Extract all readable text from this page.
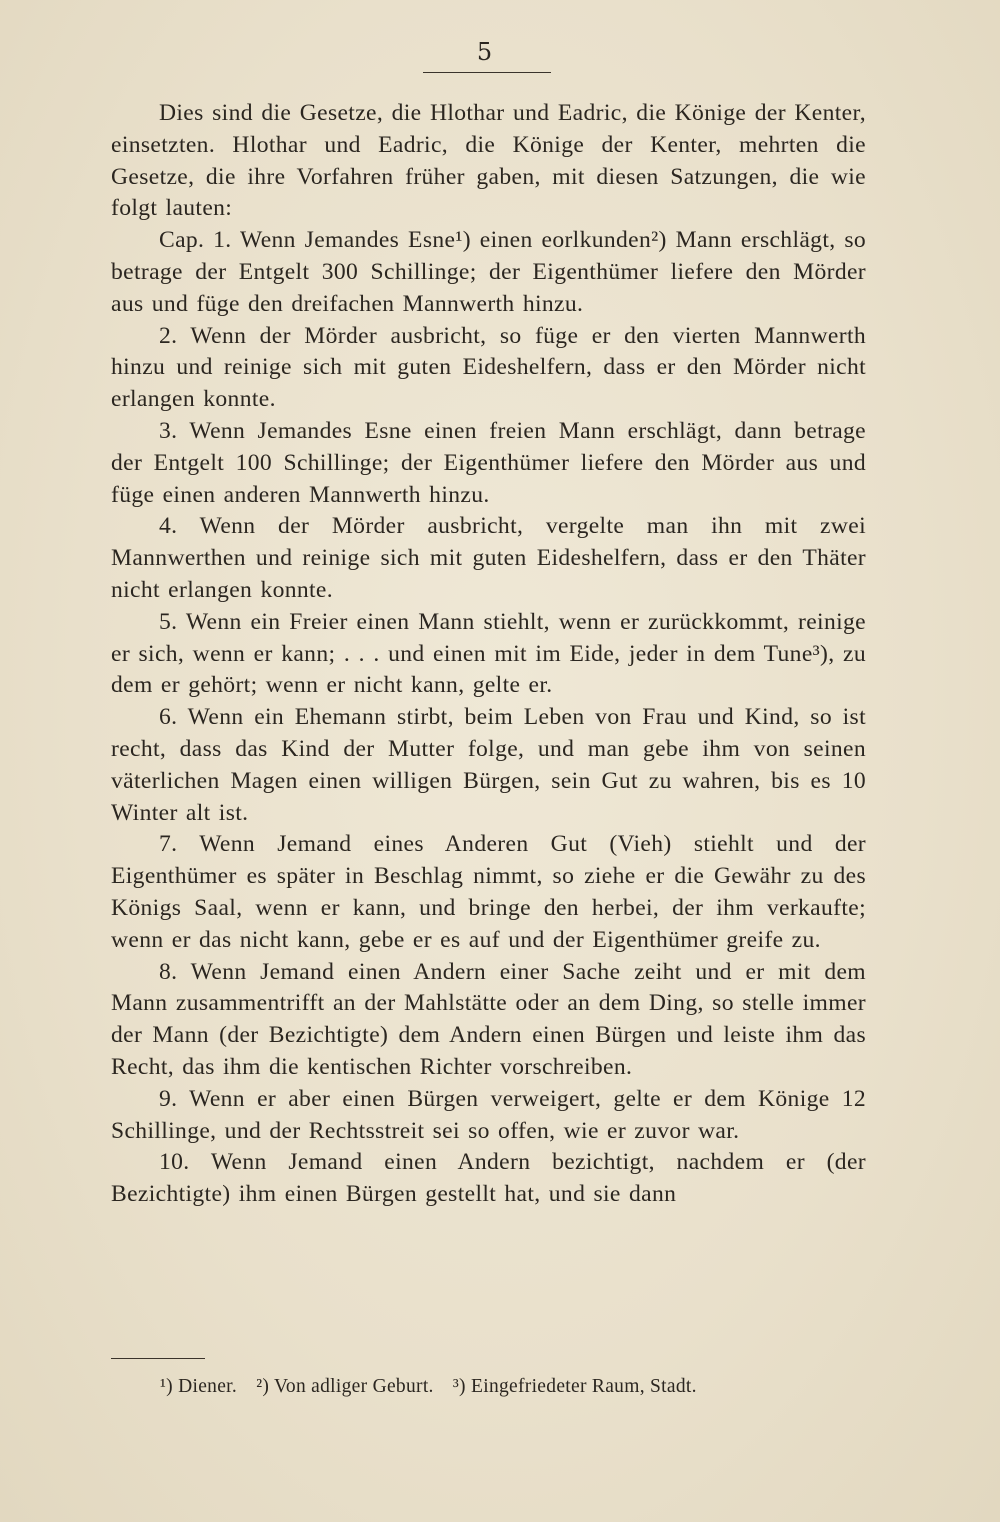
5

Dies sind die Gesetze, die Hlothar und Eadric, die Könige der Kenter, einsetzten. Hlothar und Eadric, die Könige der Kenter, mehrten die Gesetze, die ihre Vorfahren früher gaben, mit diesen Satzungen, die wie folgt lauten:

Cap. 1. Wenn Jemandes Esne¹) einen eorlkunden²) Mann erschlägt, so betrage der Entgelt 300 Schillinge; der Eigenthümer liefere den Mörder aus und füge den dreifachen Mannwerth hinzu.

2. Wenn der Mörder ausbricht, so füge er den vierten Mannwerth hinzu und reinige sich mit guten Eideshelfern, dass er den Mörder nicht erlangen konnte.

3. Wenn Jemandes Esne einen freien Mann erschlägt, dann betrage der Entgelt 100 Schillinge; der Eigenthümer liefere den Mörder aus und füge einen anderen Mannwerth hinzu.

4. Wenn der Mörder ausbricht, vergelte man ihn mit zwei Mannwerthen und reinige sich mit guten Eideshelfern, dass er den Thäter nicht erlangen konnte.

5. Wenn ein Freier einen Mann stiehlt, wenn er zurückkommt, reinige er sich, wenn er kann; . . . und einen mit im Eide, jeder in dem Tune³), zu dem er gehört; wenn er nicht kann, gelte er.

6. Wenn ein Ehemann stirbt, beim Leben von Frau und Kind, so ist recht, dass das Kind der Mutter folge, und man gebe ihm von seinen väterlichen Magen einen willigen Bürgen, sein Gut zu wahren, bis es 10 Winter alt ist.

7. Wenn Jemand eines Anderen Gut (Vieh) stiehlt und der Eigenthümer es später in Beschlag nimmt, so ziehe er die Gewähr zu des Königs Saal, wenn er kann, und bringe den herbei, der ihm verkaufte; wenn er das nicht kann, gebe er es auf und der Eigenthümer greife zu.

8. Wenn Jemand einen Andern einer Sache zeiht und er mit dem Mann zusammentrifft an der Mahlstätte oder an dem Ding, so stelle immer der Mann (der Bezichtigte) dem Andern einen Bürgen und leiste ihm das Recht, das ihm die kentischen Richter vorschreiben.

9. Wenn er aber einen Bürgen verweigert, gelte er dem Könige 12 Schillinge, und der Rechtsstreit sei so offen, wie er zuvor war.

10. Wenn Jemand einen Andern bezichtigt, nachdem er (der Bezichtigte) ihm einen Bürgen gestellt hat, und sie dann

¹) Diener. ²) Von adliger Geburt. ³) Eingefriedeter Raum, Stadt.
